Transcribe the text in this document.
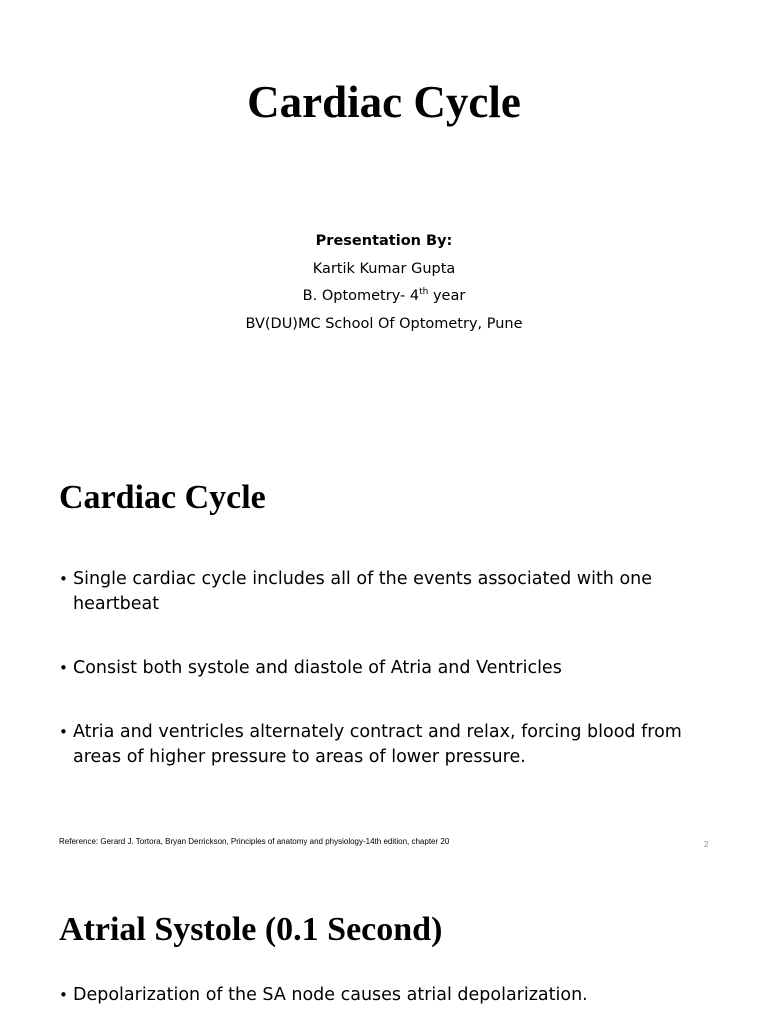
Cardiac Cycle
Presentation By:
Kartik Kumar Gupta
B. Optometry- 4th year
BV(DU)MC School Of Optometry, Pune
Cardiac Cycle
• Single cardiac cycle includes all of the events associated with one heartbeat
• Consist both systole and diastole of Atria and Ventricles
• Atria and ventricles alternately contract and relax, forcing blood from areas of higher pressure to areas of lower pressure.
Reference: Gerard J. Tortora, Bryan Derrickson, Principles of anatomy and physiology-14th edition, chapter 20	2
Atrial Systole (0.1 Second)
• Depolarization of the SA node causes atrial depolarization.
